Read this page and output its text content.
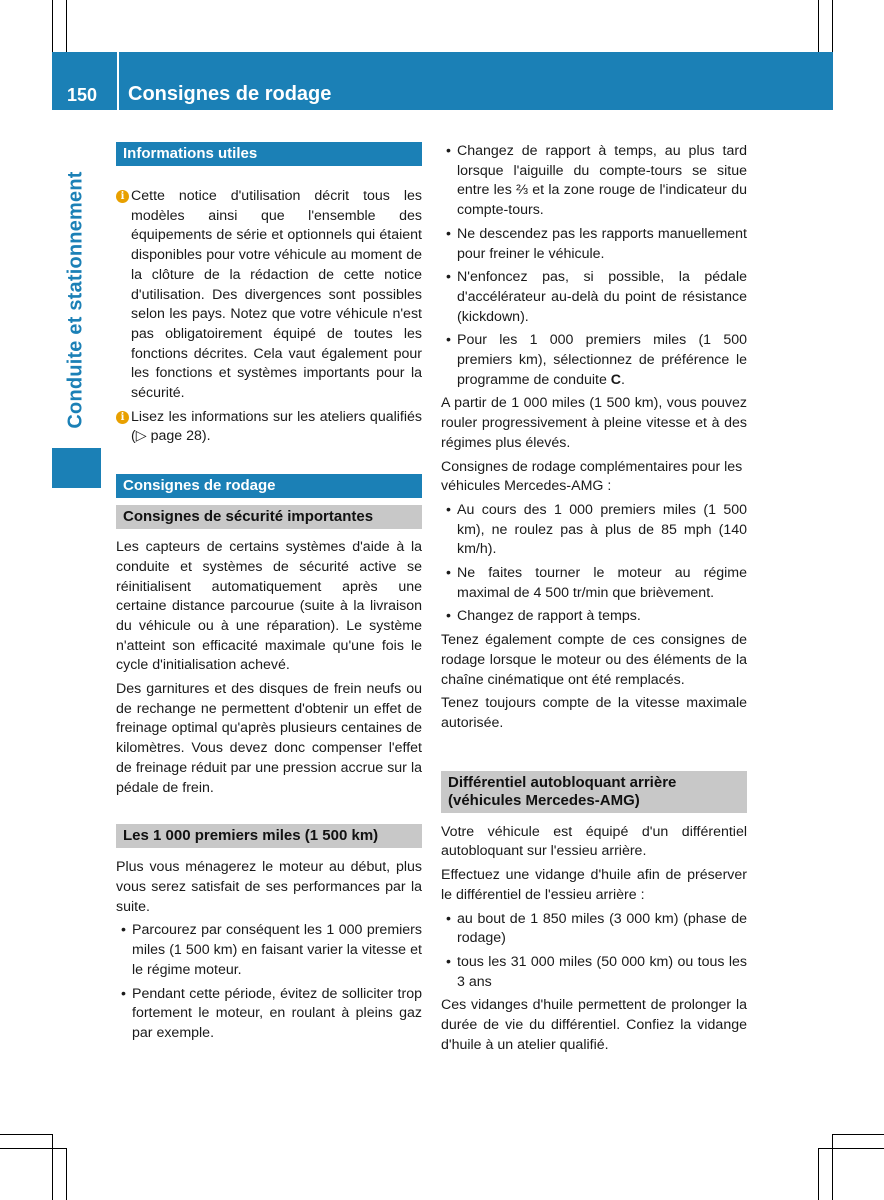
150	Consignes de rodage
Conduite et stationnement
Informations utiles
i Cette notice d'utilisation décrit tous les modèles ainsi que l'ensemble des équipements de série et optionnels qui étaient disponibles pour votre véhicule au moment de la clôture de la rédaction de cette notice d'utilisation. Des divergences sont possibles selon les pays. Notez que votre véhicule n'est pas obligatoirement équipé de toutes les fonctions décrites. Cela vaut également pour les fonctions et systèmes importants pour la sécurité.
i Lisez les informations sur les ateliers qualifiés (▷ page 28).
Consignes de rodage
Consignes de sécurité importantes

Les capteurs de certains systèmes d'aide à la conduite et systèmes de sécurité active se réinitialisent automatiquement après une certaine distance parcourue (suite à la livraison du véhicule ou à une réparation). Le système n'atteint son efficacité maximale qu'une fois le cycle d'initialisation achevé.

Des garnitures et des disques de frein neufs ou de rechange ne permettent d'obtenir un effet de freinage optimal qu'après plusieurs centaines de kilomètres. Vous devez donc compenser l'effet de freinage réduit par une pression accrue sur la pédale de frein.

Les 1 000 premiers miles (1 500 km)

Plus vous ménagerez le moteur au début, plus vous serez satisfait de ses performances par la suite.

• Parcourez par conséquent les 1 000 premiers miles (1 500 km) en faisant varier la vitesse et le régime moteur.
• Pendant cette période, évitez de solliciter trop fortement le moteur, en roulant à pleins gaz par exemple.
• Changez de rapport à temps, au plus tard lorsque l'aiguille du compte-tours se situe entre les ⅔ et la zone rouge de l'indicateur du compte-tours.
• Ne descendez pas les rapports manuellement pour freiner le véhicule.
• N'enfoncez pas, si possible, la pédale d'accélérateur au-delà du point de résistance (kickdown).
• Pour les 1 000 premiers miles (1 500 premiers km), sélectionnez de préférence le programme de conduite C.

A partir de 1 000 miles (1 500 km), vous pouvez rouler progressivement à pleine vitesse et à des régimes plus élevés.

Consignes de rodage complémentaires pour les véhicules Mercedes-AMG :

• Au cours des 1 000 premiers miles (1 500 km), ne roulez pas à plus de 85 mph (140 km/h).
• Ne faites tourner le moteur au régime maximal de 4 500 tr/min que brièvement.
• Changez de rapport à temps.

Tenez également compte de ces consignes de rodage lorsque le moteur ou des éléments de la chaîne cinématique ont été remplacés.

Tenez toujours compte de la vitesse maximale autorisée.

Différentiel autobloquant arrière (véhicules Mercedes-AMG)

Votre véhicule est équipé d'un différentiel autobloquant sur l'essieu arrière.

Effectuez une vidange d'huile afin de préserver le différentiel de l'essieu arrière :

• au bout de 1 850 miles (3 000 km) (phase de rodage)
• tous les 31 000 miles (50 000 km) ou tous les 3 ans

Ces vidanges d'huile permettent de prolonger la durée de vie du différentiel. Confiez la vidange d'huile à un atelier qualifié.
